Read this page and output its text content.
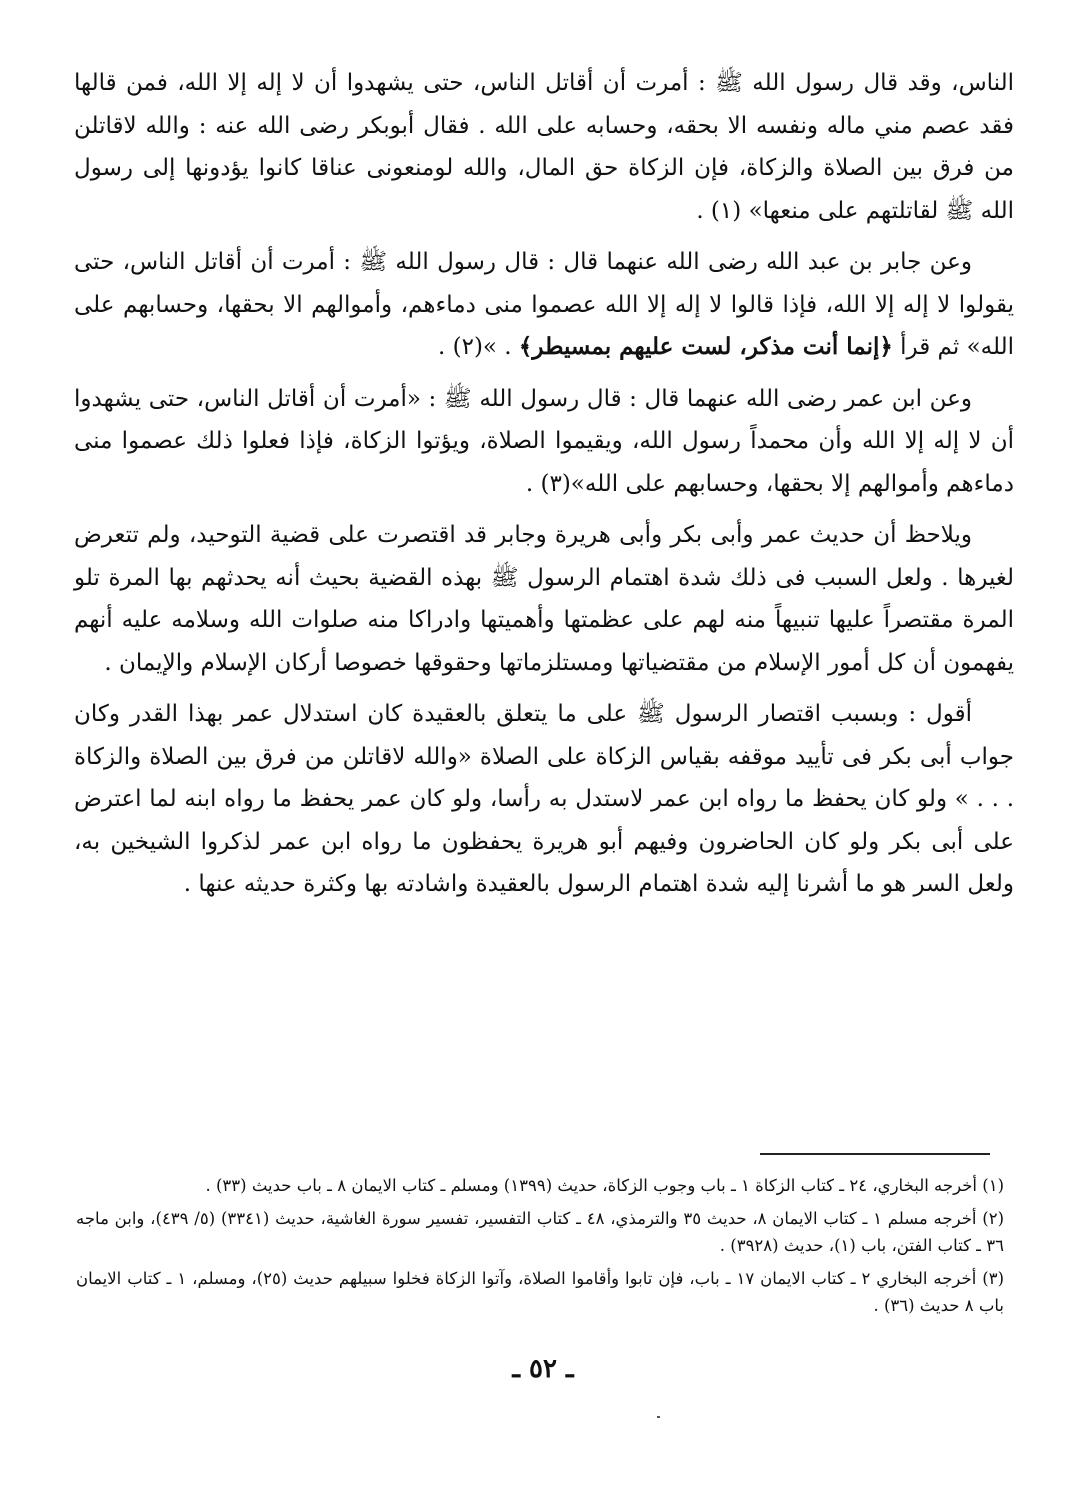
الناس، وقد قال رسول الله ﷺ : أمرت أن أقاتل الناس، حتى يشهدوا أن لا إله إلا الله، فمن قالها فقد عصم مني ماله ونفسه الا بحقه، وحسابه على الله . فقال أبوبكر رضى الله عنه : والله لاقاتلن من فرق بين الصلاة والزكاة، فإن الزكاة حق المال، والله لومنعونى عناقا كانوا يؤدونها إلى رسول الله ﷺ لقاتلتهم على منعها» (١) .

وعن جابر بن عبد الله رضى الله عنهما قال : قال رسول الله ﷺ : أمرت أن أقاتل الناس، حتى يقولوا لا إله إلا الله، فإذا قالوا لا إله إلا الله عصموا منى دماءهم، وأموالهم الا بحقها، وحسابهم على الله» ثم قرأ ﴿إنما أنت مذكر، لست عليهم بمسيطر﴾ . »(٢) .

وعن ابن عمر رضى الله عنهما قال : قال رسول الله ﷺ : «أمرت أن أقاتل الناس، حتى يشهدوا أن لا إله إلا الله وأن محمداً رسول الله، ويقيموا الصلاة، ويؤتوا الزكاة، فإذا فعلوا ذلك عصموا منى دماءهم وأموالهم إلا بحقها، وحسابهم على الله»(٣) .

ويلاحظ أن حديث عمر وأبى بكر وأبى هريرة وجابر قد اقتصرت على قضية التوحيد، ولم تتعرض لغيرها . ولعل السبب فى ذلك شدة اهتمام الرسول ﷺ بهذه القضية بحيث أنه يحدثهم بها المرة تلو المرة مقتصراً عليها تنبيهاً منه لهم على عظمتها وأهميتها وادراكا منه صلوات الله وسلامه عليه أنهم يفهمون أن كل أمور الإسلام من مقتضياتها ومستلزماتها وحقوقها خصوصا أركان الإسلام والإيمان .

أقول : وبسبب اقتصار الرسول ﷺ على ما يتعلق بالعقيدة كان استدلال عمر بهذا القدر وكان جواب أبى بكر فى تأييد موقفه بقياس الزكاة على الصلاة «والله لاقاتلن من فرق بين الصلاة والزكاة . . . » ولو كان يحفظ ما رواه ابن عمر لاستدل به رأسا، ولو كان عمر يحفظ ما رواه ابنه لما اعترض على أبى بكر ولو كان الحاضرون وفيهم أبو هريرة يحفظون ما رواه ابن عمر لذكروا الشيخين به، ولعل السر هو ما أشرنا إليه شدة اهتمام الرسول بالعقيدة واشادته بها وكثرة حديثه عنها .

(١) أخرجه البخاري، ٢٤ ـ كتاب الزكاة ١ ـ باب وجوب الزكاة، حديث (١٣٩٩) ومسلم ـ كتاب الايمان ٨ ـ باب حديث (٣٣) .

(٢) أخرجه مسلم ١ ـ كتاب الايمان ٨، حديث ٣٥ والترمذي، ٤٨ ـ كتاب التفسير، تفسير سورة الغاشية، حديث (٣٣٤١) (٥/ ٤٣٩)، وابن ماجه ٣٦ ـ كتاب الفتن، باب (١)، حديث (٣٩٢٨) .

(٣) أخرجه البخاري ٢ ـ كتاب الايمان ١٧ ـ باب، فإن تابوا وأقاموا الصلاة، وآتوا الزكاة فخلوا سبيلهم حديث (٢٥)، ومسلم، ١ ـ كتاب الايمان باب ٨ حديث (٣٦) .

ـ ٥٢ ـ
